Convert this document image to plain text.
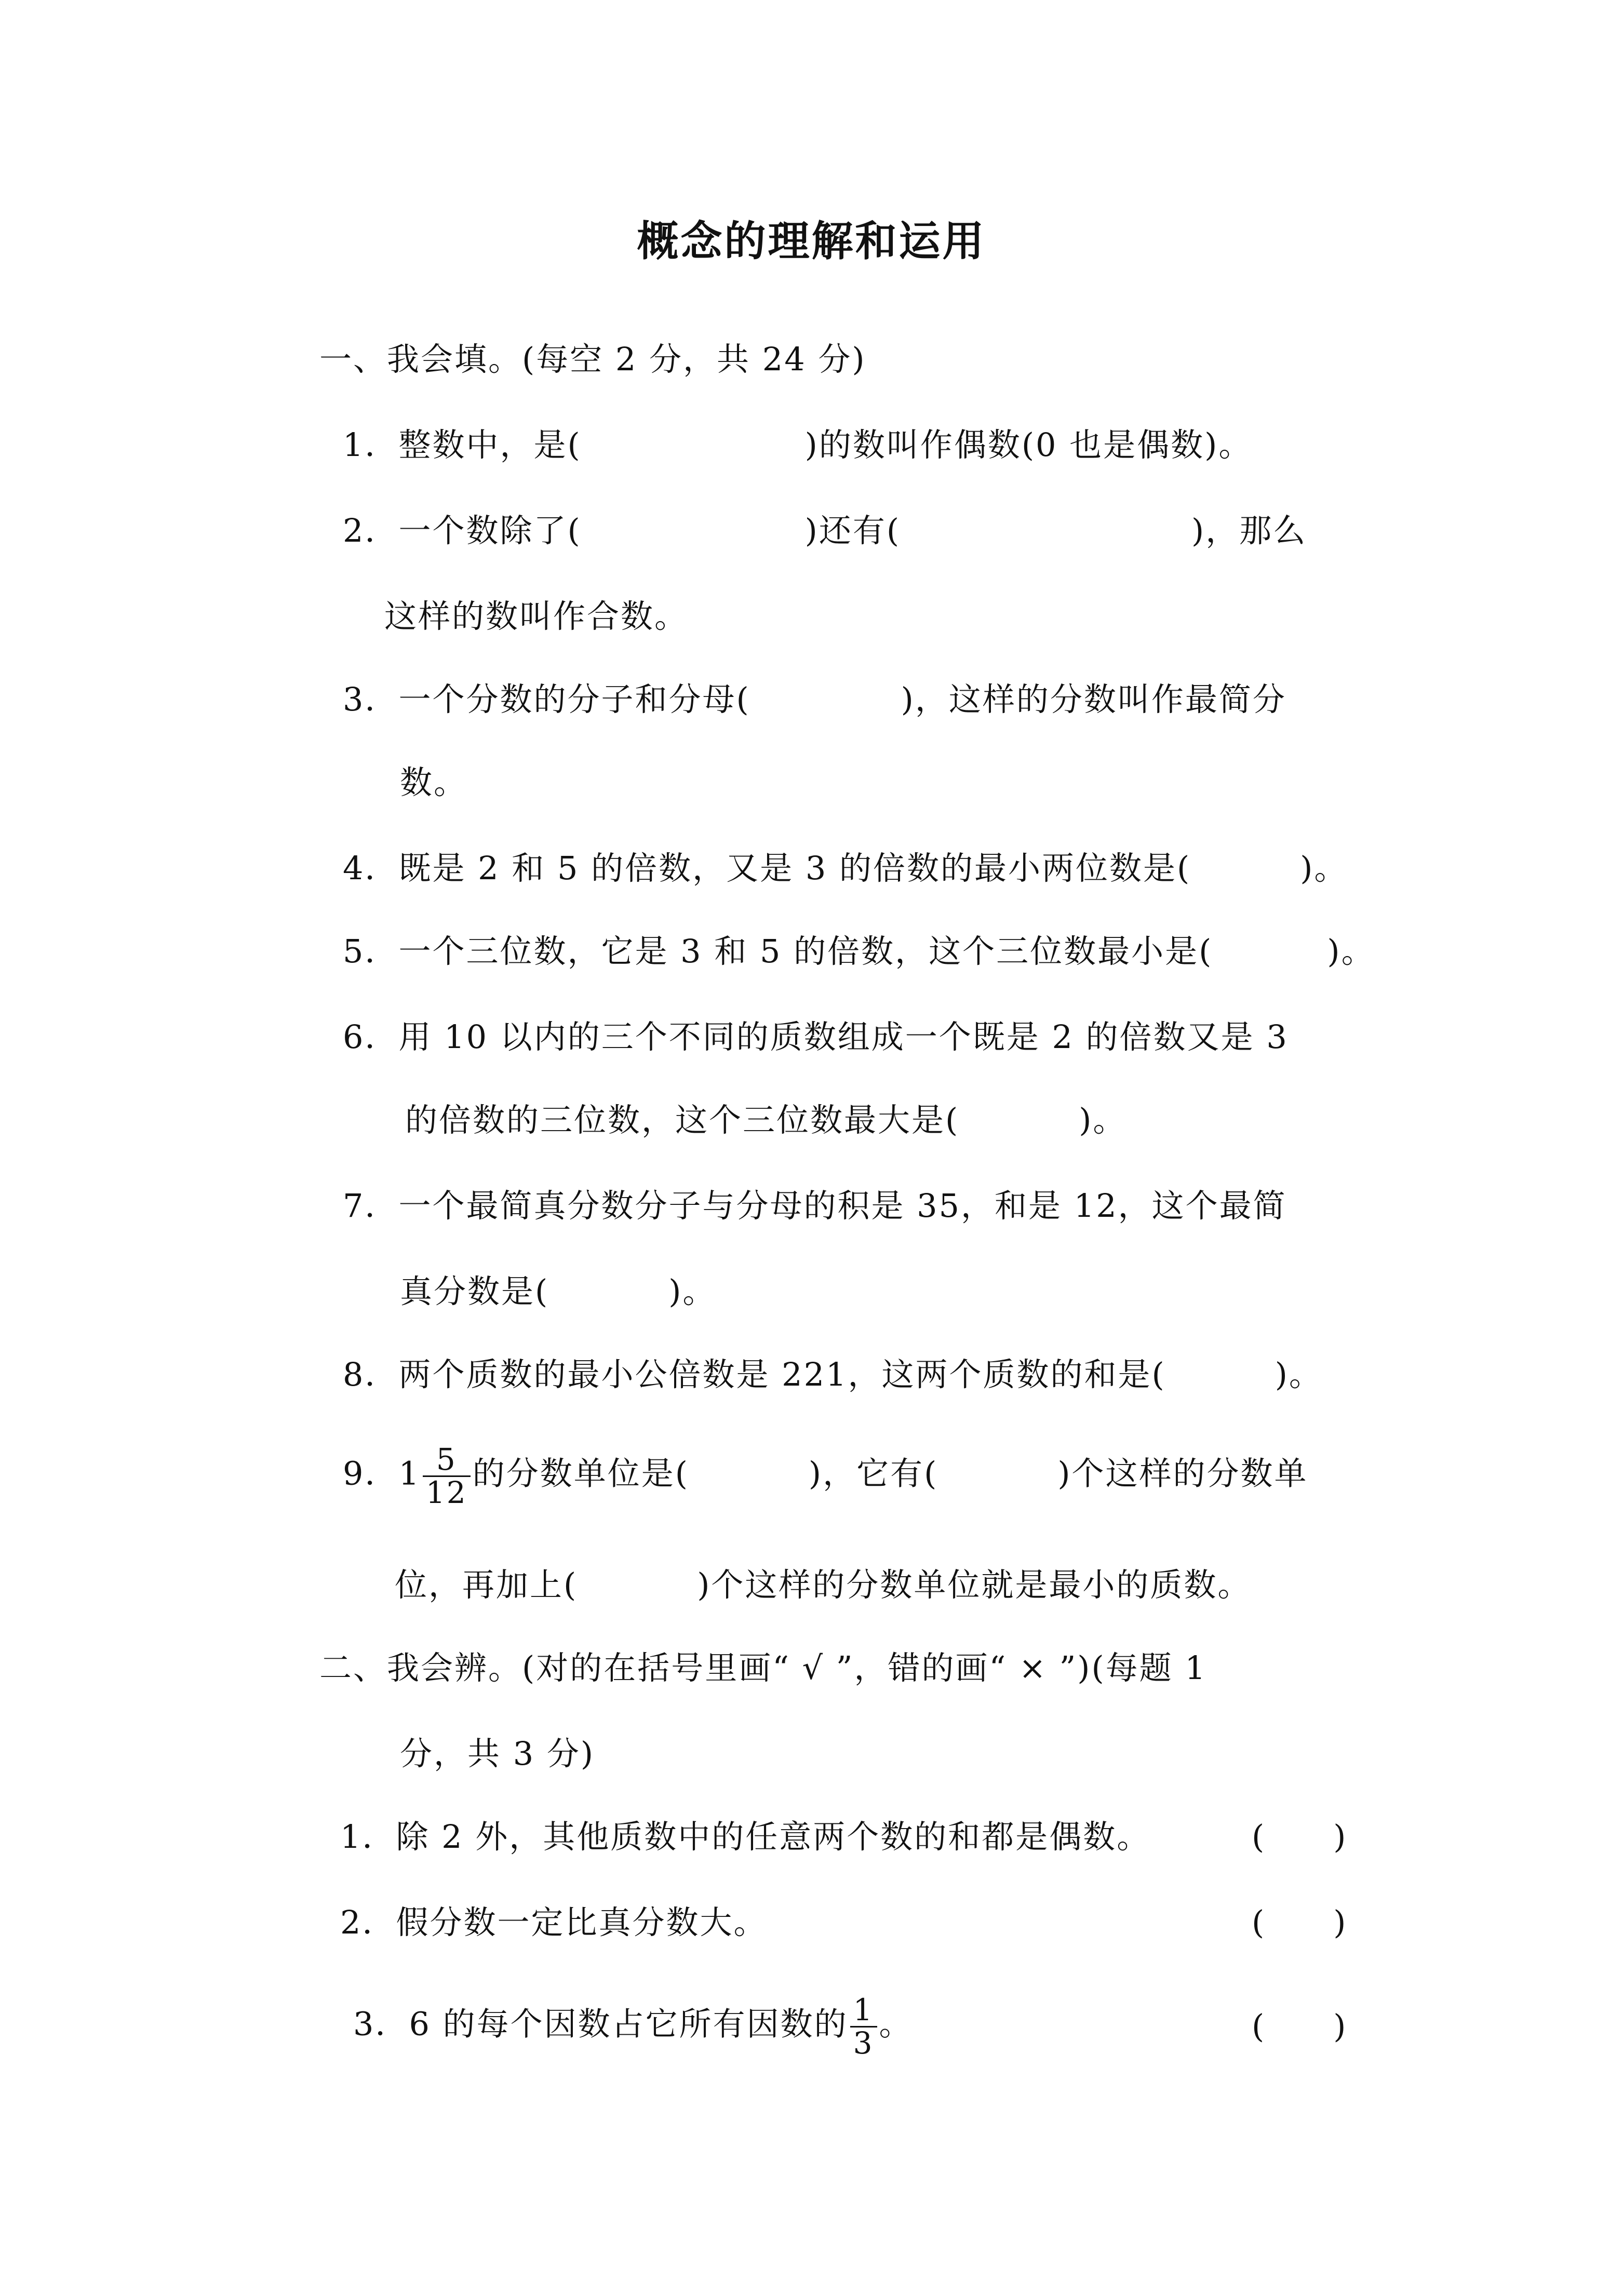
概念的理解和运用
一、我会填。(每空 2 分，共 24 分)
1．整数中，是(	)的数叫作偶数(0 也是偶数)。
2．一个数除了(	)还有(	)，那么
这样的数叫作合数。
3．一个分数的分子和分母(	)，这样的分数叫作最简分
数。
4．既是 2 和 5 的倍数，又是 3 的倍数的最小两位数是(	)。
5．一个三位数，它是 3 和 5 的倍数，这个三位数最小是(	)。
6．用 10 以内的三个不同的质数组成一个既是 2 的倍数又是 3
的倍数的三位数，这个三位数最大是(	)。
7．一个最简真分数分子与分母的积是 35，和是 12，这个最简
真分数是(	)。
8．两个质数的最小公倍数是 221，这两个质数的和是(	)。
9．$1 \frac{5}{12}$ 的分数单位是(	)，它有(	)个这样的分数单
位，再加上(	)个这样的分数单位就是最小的质数。
二、我会辨。(对的在括号里画“ √ ”，错的画“ × ”)(每题 1
分，共 3 分)
1．除 2 外，其他质数中的任意两个数的和都是偶数。	(　　)
2．假分数一定比真分数大。	(　　)
3．6 的每个因数占它所有因数的 $\frac{1}{3}$ 。	(　　)
